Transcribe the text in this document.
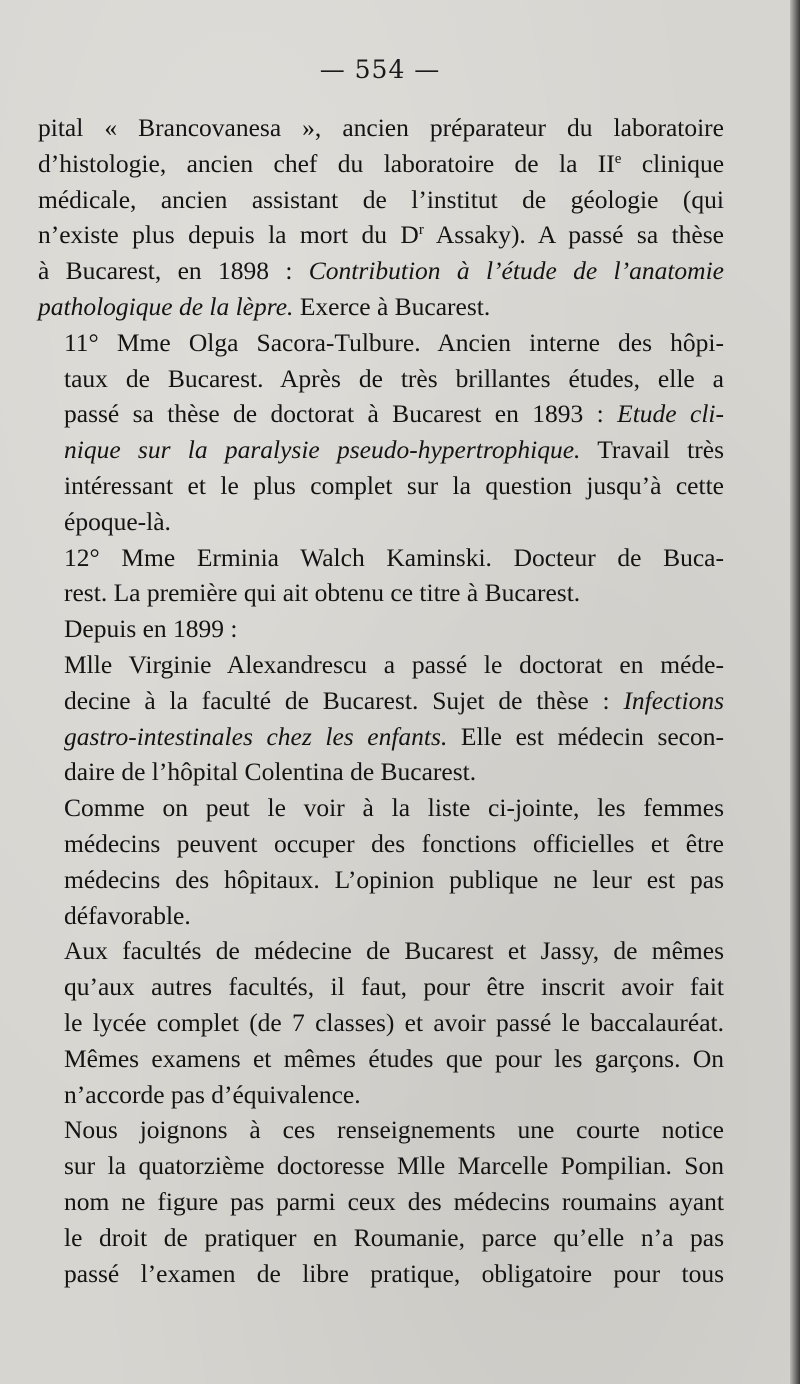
— 554 —
pital « Brancovanesa », ancien préparateur du laboratoire
d’histologie, ancien chef du laboratoire de la IIe clinique
médicale, ancien assistant de l’institut de géologie (qui
n’existe plus depuis la mort du $D^r$ Assaky). A passé sa thèse
à Bucarest, en 1898 : Contribution à l’étude de l’anatomie
pathologique de la lèpre. Exerce à Bucarest.
11° Mme Olga Sacora-Tulbure. Ancien interne des hôpi-
taux de Bucarest. Après de très brillantes études, elle a
passé sa thèse de doctorat à Bucarest en 1893 : Etude cli-
nique sur la paralysie pseudo-hypertrophique. Travail très
intéressant et le plus complet sur la question jusqu’à cette
époque-là.
12° Mme Erminia Walch Kaminski. Docteur de Buca-
rest. La première qui ait obtenu ce titre à Bucarest.
Depuis en 1899 :
Mlle Virginie Alexandrescu a passé le doctorat en méde-
decine à la faculté de Bucarest. Sujet de thèse : Infections
gastro-intestinales chez les enfants. Elle est médecin secon-
daire de l’hôpital Colentina de Bucarest.
Comme on peut le voir à la liste ci-jointe, les femmes
médecins peuvent occuper des fonctions officielles et être
médecins des hôpitaux. L’opinion publique ne leur est pas
défavorable.
Aux facultés de médecine de Bucarest et Jassy, de mêmes
qu’aux autres facultés, il faut, pour être inscrit avoir fait
le lycée complet (de 7 classes) et avoir passé le baccalauréat.
Mêmes examens et mêmes études que pour les garçons. On
n’accorde pas d’équivalence.
Nous joignons à ces renseignements une courte notice
sur la quatorzième doctoresse Mlle Marcelle Pompilian. Son
nom ne figure pas parmi ceux des médecins roumains ayant
le droit de pratiquer en Roumanie, parce qu’elle n’a pas
passé l’examen de libre pratique, obligatoire pour tous
